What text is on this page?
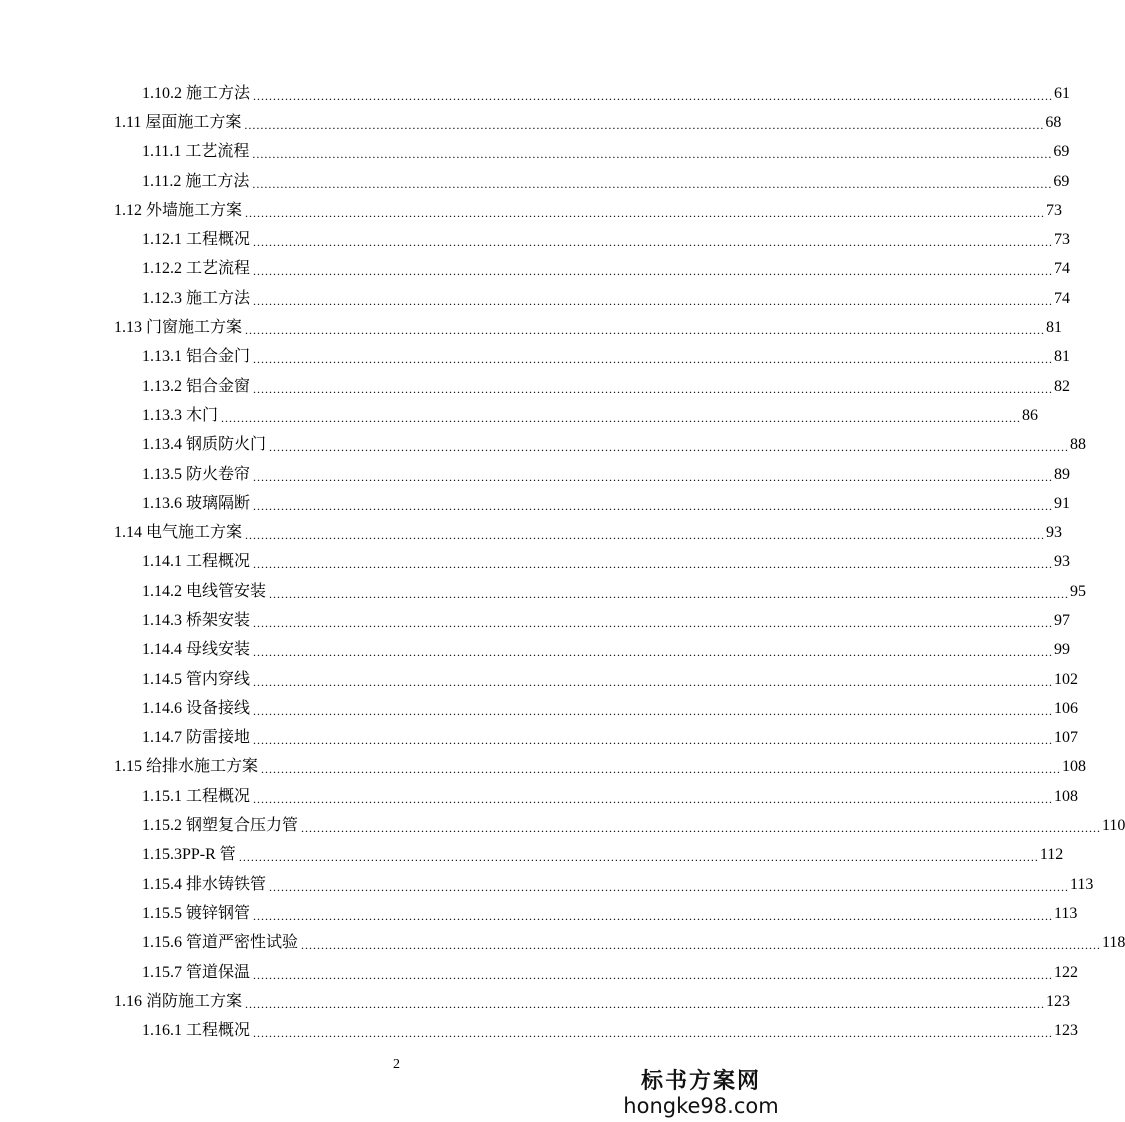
1.10.2 施工方法 ........................................................................................................................................................................................................ 61
1.11 屋面施工方案 ........................................................................................................................................................................................................ 68
1.11.1 工艺流程 ........................................................................................................................................................................................................ 69
1.11.2 施工方法 ........................................................................................................................................................................................................ 69
1.12 外墙施工方案 ........................................................................................................................................................................................................ 73
1.12.1 工程概况 ........................................................................................................................................................................................................ 73
1.12.2 工艺流程 ........................................................................................................................................................................................................ 74
1.12.3 施工方法 ........................................................................................................................................................................................................ 74
1.13 门窗施工方案 ........................................................................................................................................................................................................ 81
1.13.1 铝合金门 ........................................................................................................................................................................................................ 81
1.13.2 铝合金窗 ........................................................................................................................................................................................................ 82
1.13.3 木门 ........................................................................................................................................................................................................ 86
1.13.4 钢质防火门 ........................................................................................................................................................................................................ 88
1.13.5 防火卷帘 ........................................................................................................................................................................................................ 89
1.13.6 玻璃隔断 ........................................................................................................................................................................................................ 91
1.14 电气施工方案 ........................................................................................................................................................................................................ 93
1.14.1 工程概况 ........................................................................................................................................................................................................ 93
1.14.2 电线管安装 ........................................................................................................................................................................................................ 95
1.14.3 桥架安装 ........................................................................................................................................................................................................ 97
1.14.4 母线安装 ........................................................................................................................................................................................................ 99
1.14.5 管内穿线 ........................................................................................................................................................................................................ 102
1.14.6 设备接线 ........................................................................................................................................................................................................ 106
1.14.7 防雷接地 ........................................................................................................................................................................................................ 107
1.15 给排水施工方案 ........................................................................................................................................................................................................ 108
1.15.1 工程概况 ........................................................................................................................................................................................................ 108
1.15.2 钢塑复合压力管 ........................................................................................................................................................................................................ 110
1.15.3 PP-R 管 ........................................................................................................................................................................................................ 112
1.15.4 排水铸铁管 ........................................................................................................................................................................................................ 113
1.15.5 镀锌钢管 ........................................................................................................................................................................................................ 113
1.15.6 管道严密性试验 ........................................................................................................................................................................................................ 118
1.15.7 管道保温 ........................................................................................................................................................................................................ 122
1.16 消防施工方案 ........................................................................................................................................................................................................ 123
1.16.1 工程概况 ........................................................................................................................................................................................................ 123
2
标书方案网
hongke98.com
